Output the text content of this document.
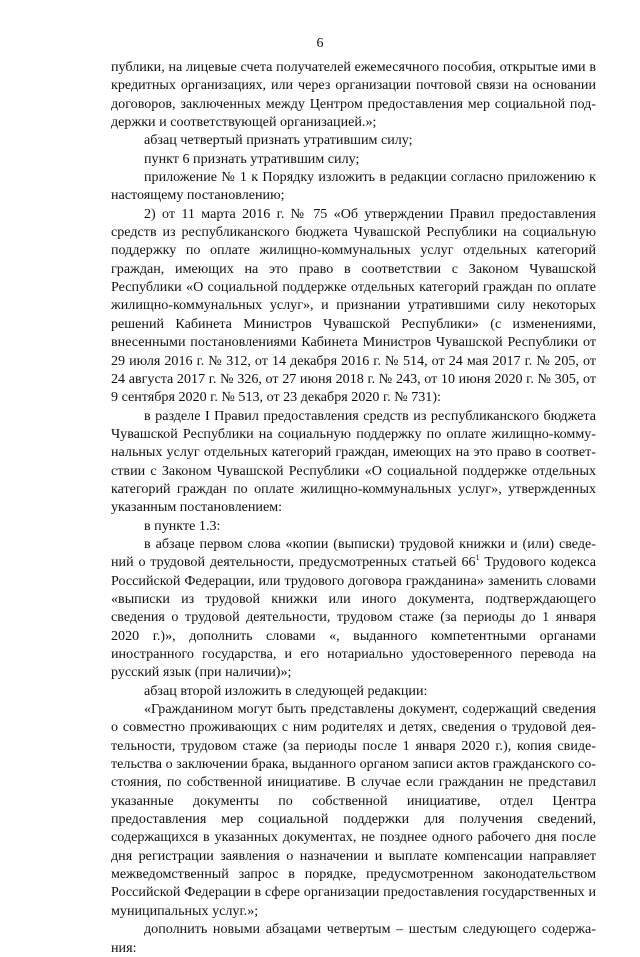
6

публики, на лицевые счета получателей ежемесячного пособия, открытые ими в кредитных организациях, или через организации почтовой связи на основании договоров, заключенных между Центром предоставления мер социальной поддержки и соответствующей организацией.»;

абзац четвертый признать утратившим силу;

пункт 6 признать утратившим силу;

приложение № 1 к Порядку изложить в редакции согласно приложению к настоящему постановлению;

2) от 11 марта 2016 г. № 75 «Об утверждении Правил предоставления средств из республиканского бюджета Чувашской Республики на социальную поддержку по оплате жилищно-коммунальных услуг отдельных категорий граждан, имеющих на это право в соответствии с Законом Чувашской Республики «О социальной поддержке отдельных категорий граждан по оплате жилищно-коммунальных услуг», и признании утратившими силу некоторых решений Кабинета Министров Чувашской Республики» (с изменениями, внесенными постановлениями Кабинета Министров Чувашской Республики от 29 июля 2016 г. № 312, от 14 декабря 2016 г. № 514, от 24 мая 2017 г. № 205, от 24 августа 2017 г. № 326, от 27 июня 2018 г. № 243, от 10 июня 2020 г. № 305, от 9 сентября 2020 г. № 513, от 23 декабря 2020 г. № 731):

в разделе I Правил предоставления средств из республиканского бюджета Чувашской Республики на социальную поддержку по оплате жилищно-коммунальных услуг отдельных категорий граждан, имеющих на это право в соответствии с Законом Чувашской Республики «О социальной поддержке отдельных категорий граждан по оплате жилищно-коммунальных услуг», утвержденных указанным постановлением:

в пункте 1.3:

в абзаце первом слова «копии (выписки) трудовой книжки и (или) сведений о трудовой деятельности, предусмотренных статьей $66^1$ Трудового кодекса Российской Федерации, или трудового договора гражданина» заменить словами «выписки из трудовой книжки или иного документа, подтверждающего сведения о трудовой деятельности, трудовом стаже (за периоды до 1 января 2020 г.)», дополнить словами «, выданного компетентными органами иностранного государства, и его нотариально удостоверенного перевода на русский язык (при наличии)»;

абзац второй изложить в следующей редакции:

«Гражданином могут быть представлены документ, содержащий сведения о совместно проживающих с ним родителях и детях, сведения о трудовой деятельности, трудовом стаже (за периоды после 1 января 2020 г.), копия свидетельства о заключении брака, выданного органом записи актов гражданского состояния, по собственной инициативе. В случае если гражданин не представил указанные документы по собственной инициативе, отдел Центра предоставления мер социальной поддержки для получения сведений, содержащихся в указанных документах, не позднее одного рабочего дня после дня регистрации заявления о назначении и выплате компенсации направляет межведомственный запрос в порядке, предусмотренном законодательством Российской Федерации в сфере организации предоставления государственных и муниципальных услуг.»;

дополнить новыми абзацами четвертым – шестым следующего содержания:
